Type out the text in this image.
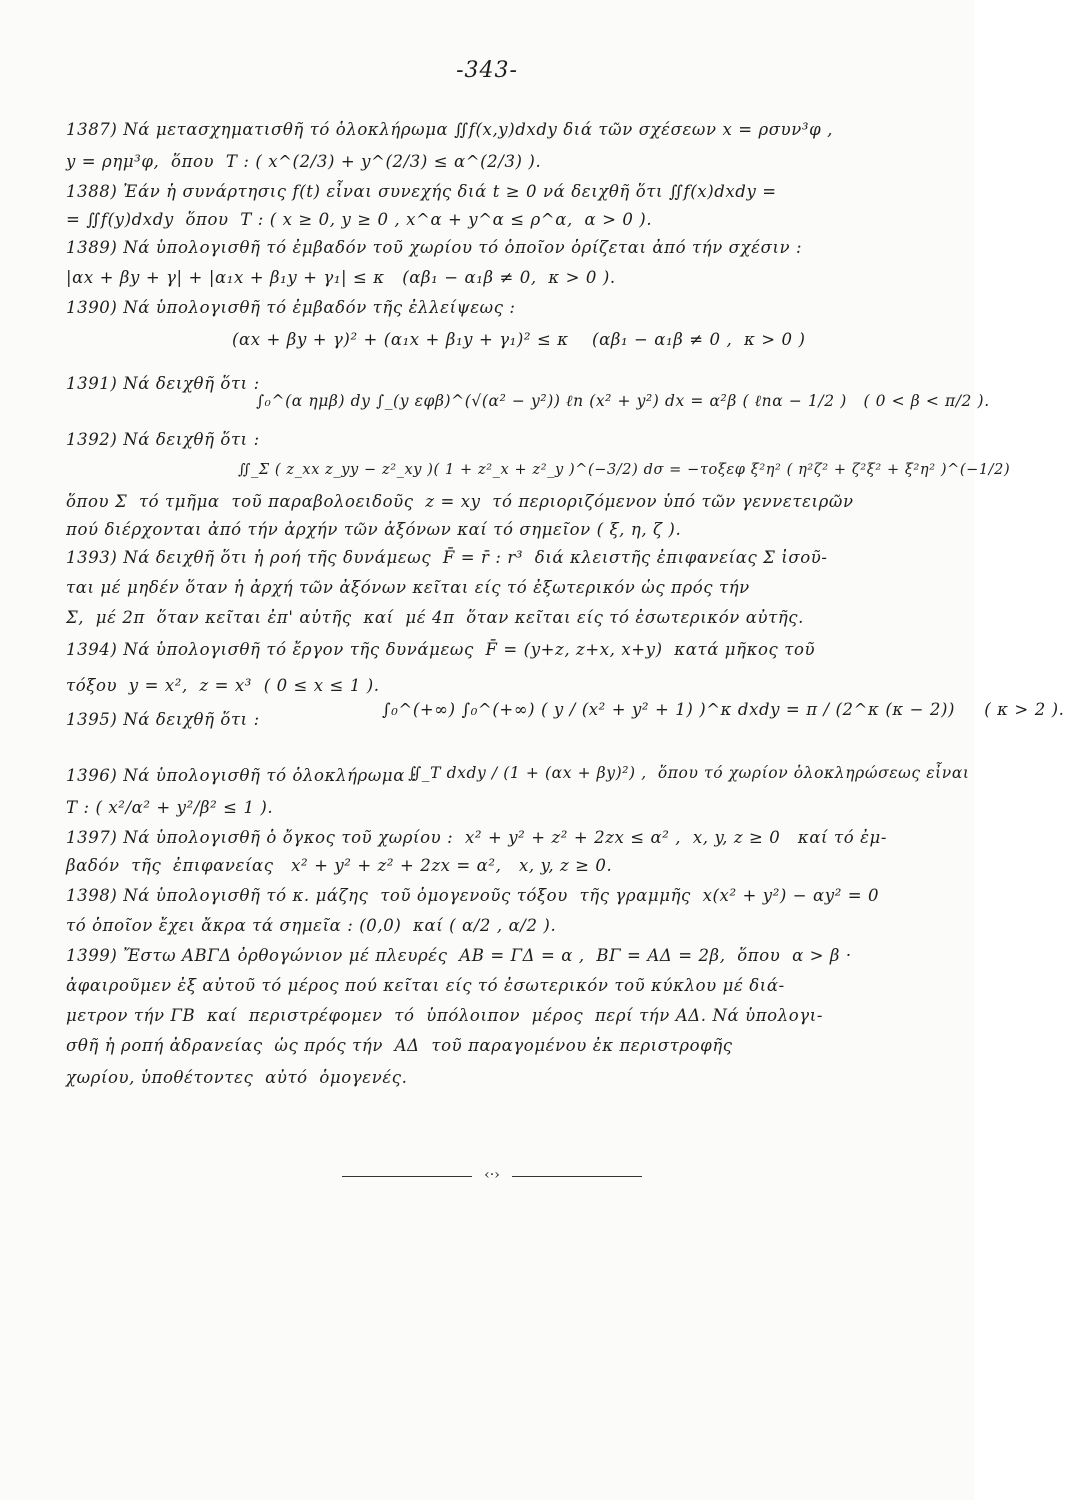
-343-
1387) Νά μετασχηματισθῆ τό ὁλοκλήρωμα ∬f(x,y)dxdy διά τῶν σχέσεων x = ρσυν³φ ,
y = ρημ³φ,  ὅπου  T : ( x^(2/3) + y^(2/3) ≤ α^(2/3) ).
1388) Ἐάν ἡ συνάρτησις f(t) εἶναι συνεχής διά t ≥ 0 νά δειχθῆ ὅτι ∬f(x)dxdy =
= ∬f(y)dxdy  ὅπου  T : ( x ≥ 0, y ≥ 0 , x^α + y^α ≤ ρ^α,  α > 0 ).
1389) Νά ὑπολογισθῆ τό ἐμβαδόν τοῦ χωρίου τό ὁποῖον ὁρίζεται ἀπό τήν σχέσιν :
|αx + βy + γ| + |α₁x + β₁y + γ₁| ≤ κ   (αβ₁ − α₁β ≠ 0,  κ > 0 ).
1390) Νά ὑπολογισθῆ τό ἐμβαδόν τῆς ἐλλείψεως :
(αx + βy + γ)² + (α₁x + β₁y + γ₁)² ≤ κ    (αβ₁ − α₁β ≠ 0 ,  κ > 0 )
1391) Νά δειχθῆ ὅτι :
∫₀^(α ημβ) dy ∫_(y εφβ)^(√(α² − y²)) ℓn (x² + y²) dx = α²β ( ℓnα − 1/2 )   ( 0 < β < π/2 ).
1392) Νά δειχθῆ ὅτι :
∬_Σ ( z_xx z_yy − z²_xy )( 1 + z²_x + z²_y )^(−3/2) dσ = −τοξεφ ξ²η² ( η²ζ² + ζ²ξ² + ξ²η² )^(−1/2)
ὅπου Σ  τό τμῆμα  τοῦ παραβολοειδοῦς  z = xy  τό περιοριζόμενον ὑπό τῶν γεννετειρῶν
πού διέρχονται ἀπό τήν ἀρχήν τῶν ἀξόνων καί τό σημεῖον ( ξ, η, ζ ).
1393) Νά δειχθῆ ὅτι ἡ ροή τῆς δυνάμεως  F̄ = r̄ : r³  διά κλειστῆς ἐπιφανείας Σ ἰσοῦ-
ται μέ μηδέν ὅταν ἡ ἀρχή τῶν ἀξόνων κεῖται είς τό ἐξωτερικόν ὡς πρός τήν
Σ,  μέ 2π  ὅταν κεῖται ἐπ' αὐτῆς  καί  μέ 4π  ὅταν κεῖται είς τό ἐσωτερικόν αὐτῆς.
1394) Νά ὑπολογισθῆ τό ἔργον τῆς δυνάμεως  F̄ = (y+z, z+x, x+y)  κατά μῆκος τοῦ
τόξου  y = x²,  z = x³  ( 0 ≤ x ≤ 1 ).
1395) Νά δειχθῆ ὅτι :
∫₀^(+∞) ∫₀^(+∞) ( y / (x² + y² + 1) )^κ dxdy = π / (2^κ (κ − 2))     ( κ > 2 ).
1396) Νά ὑπολογισθῆ τό ὁλοκλήρωμα :
∬_T dxdy / (1 + (αx + βy)²) ,  ὅπου τό χωρίον ὁλοκληρώσεως εἶναι
T : ( x²/α² + y²/β² ≤ 1 ).
1397) Νά ὑπολογισθῆ ὁ ὄγκος τοῦ χωρίου :  x² + y² + z² + 2zx ≤ α² ,  x, y, z ≥ 0   καί τό ἐμ-
βαδόν  τῆς  ἐπιφανείας   x² + y² + z² + 2zx = α²,   x, y, z ≥ 0.
1398) Νά ὑπολογισθῆ τό κ. μάζης  τοῦ ὁμογενοῦς τόξου  τῆς γραμμῆς  x(x² + y²) − αy² = 0
τό ὁποῖον ἔχει ἄκρα τά σημεῖα : (0,0)  καί ( α/2 , α/2 ).
1399) Ἔστω ΑΒΓΔ ὀρθογώνιον μέ πλευρές  ΑΒ = ΓΔ = α ,  ΒΓ = ΑΔ = 2β,  ὅπου  α > β ·
ἀφαιροῦμεν ἐξ αὐτοῦ τό μέρος πού κεῖται είς τό ἐσωτερικόν τοῦ κύκλου μέ διά-
μετρον τήν ΓΒ  καί  περιστρέφομεν  τό  ὑπόλοιπον  μέρος  περί τήν ΑΔ. Νά ὑπολογι-
σθῆ ἡ ροπή ἀδρανείας  ὡς πρός τήν  ΑΔ  τοῦ παραγομένου ἐκ περιστροφῆς
χωρίου, ὑποθέτοντες  αὐτό  ὁμογενές.
‹·›
